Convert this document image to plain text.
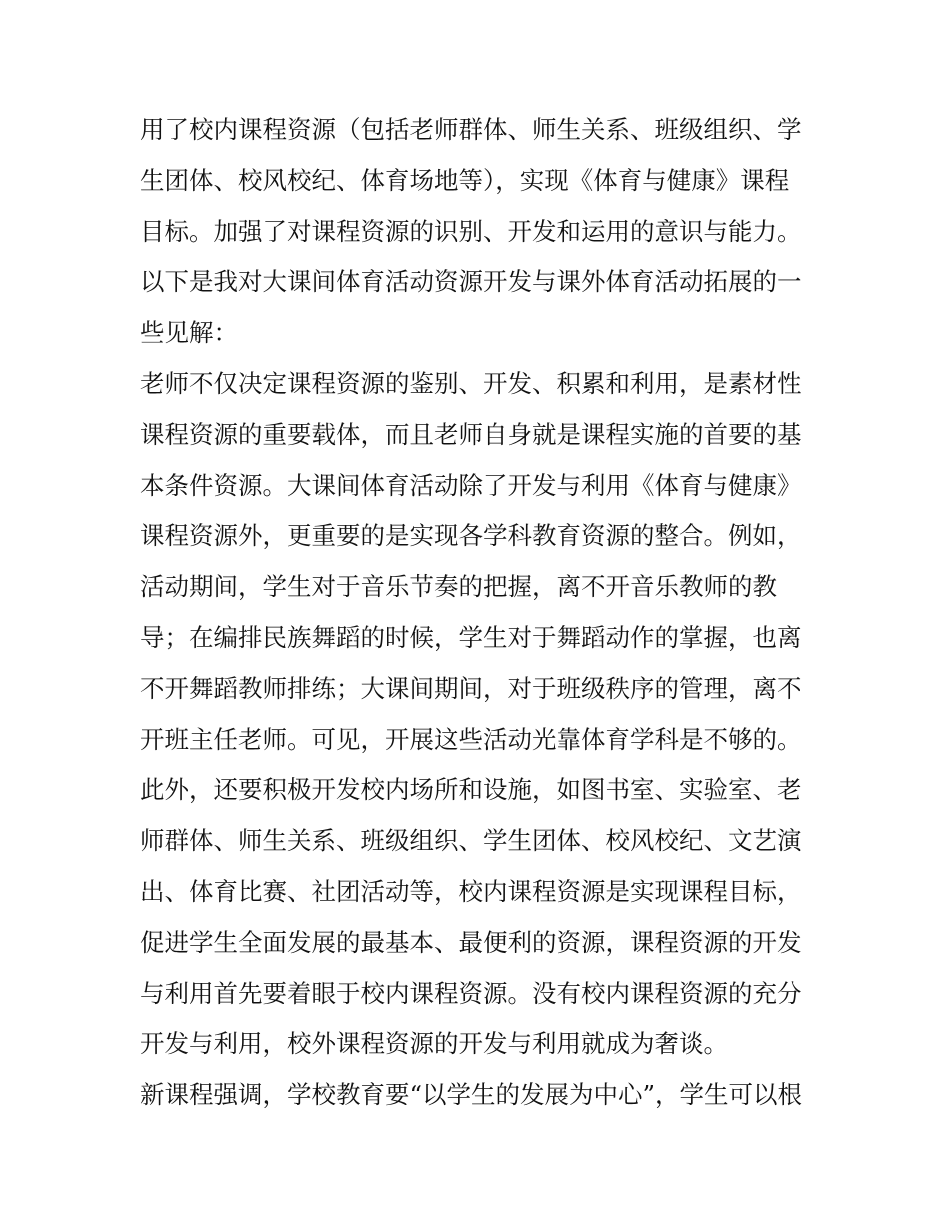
用了校内课程资源（包括老师群体、师生关系、班级组织、学
生团体、校风校纪、体育场地等），实现《体育与健康》课程
目标。加强了对课程资源的识别、开发和运用的意识与能力。
以下是我对大课间体育活动资源开发与课外体育活动拓展的一
些见解：
老师不仅决定课程资源的鉴别、开发、积累和利用，是素材性
课程资源的重要载体，而且老师自身就是课程实施的首要的基
本条件资源。大课间体育活动除了开发与利用《体育与健康》
课程资源外，更重要的是实现各学科教育资源的整合。例如，
活动期间，学生对于音乐节奏的把握，离不开音乐教师的教
导；在编排民族舞蹈的时候，学生对于舞蹈动作的掌握，也离
不开舞蹈教师排练；大课间期间，对于班级秩序的管理，离不
开班主任老师。可见，开展这些活动光靠体育学科是不够的。
此外，还要积极开发校内场所和设施，如图书室、实验室、老
师群体、师生关系、班级组织、学生团体、校风校纪、文艺演
出、体育比赛、社团活动等，校内课程资源是实现课程目标，
促进学生全面发展的最基本、最便利的资源，课程资源的开发
与利用首先要着眼于校内课程资源。没有校内课程资源的充分
开发与利用，校外课程资源的开发与利用就成为奢谈。
新课程强调，学校教育要“以学生的发展为中心”，学生可以根
